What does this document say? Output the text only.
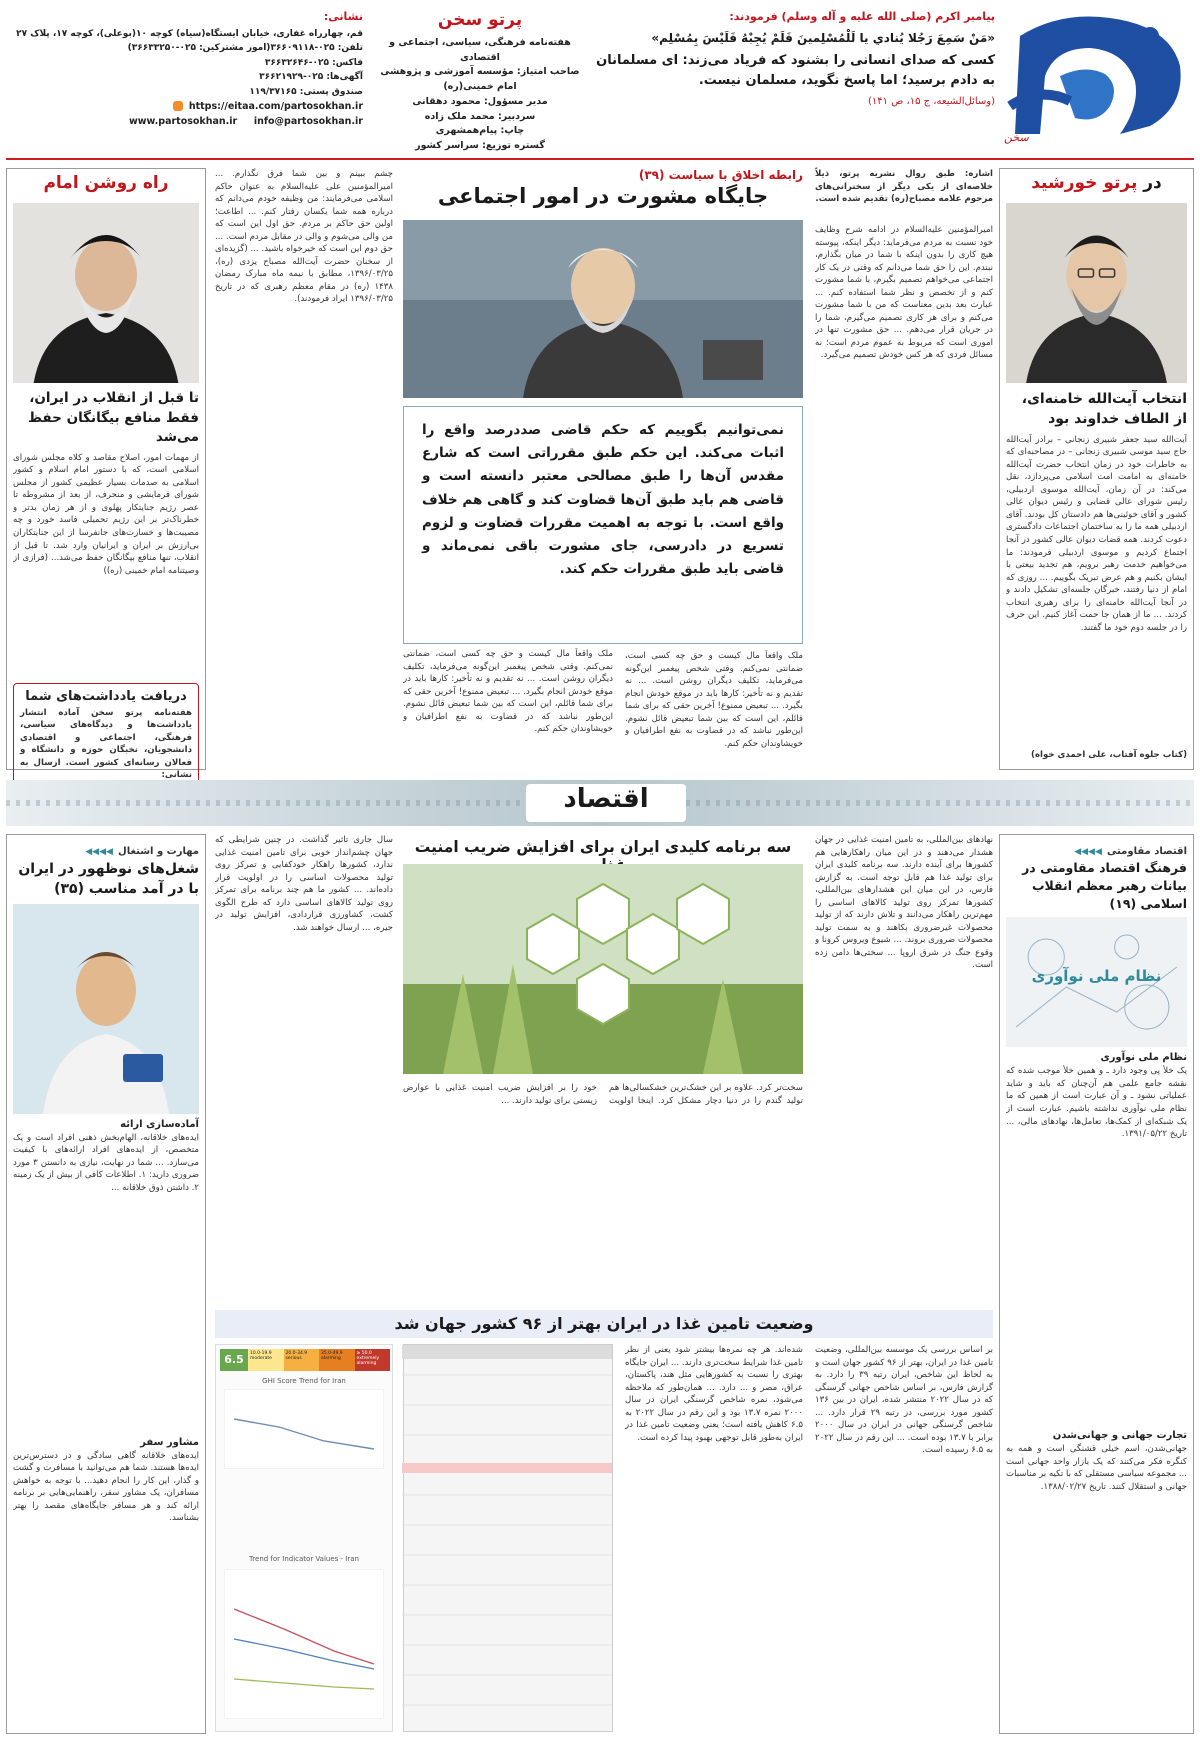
سخن
پیامبر اکرم (صلی الله علیه و آله وسلم) فرمودند:
«مَنْ سَمِعَ رَجُلا يُنادي يا لَلْمُسْلِمينَ فَلَمْ يُجِبْهُ فَلَيْسَ بِمُسْلِم»
کسی که صدای انسانی را بشنود که فریاد می‌زند: ای مسلمانان به دادم برسید؛ اما پاسخ نگوید، مسلمان نیست.
(وسائل‌الشیعه، ج ۱۵، ص ۱۴۱)
پرتو سخن
هفته‌نامه فرهنگی، سیاسی، اجتماعی و اقتصادی
صاحب امتیاز: مؤسسه آموزشی و پژوهشی امام خمینی(ره)
مدیر مسؤول: محمود دهقانی
سردبیر: محمد ملک زاده
چاپ: پیام‌همشهری
گستره توزیع: سراسر کشور
نشانی:
قم، چهارراه غفاری، خیابان ایستگاه(سیاه) کوچه ۱۰(بوعلی)، کوچه ۱۷، پلاک ۲۷
تلفن: ۰۲۵-۳۶۶۰۹۱۱۸(امور مشترکین: ۰۲۵-۳۶۶۳۳۲۵۰)
فاکس: ۰۲۵-۳۶۶۳۲۶۴۶
آگهی‌ها: ۰۲۵-۳۶۶۲۱۹۲۹
صندوق پستی: ۱۱۹/۳۷۱۶۵
https://eitaa.com/partosokhan.ir
www.partosokhan.ir info@partosokhan.ir
در پرتو خورشید
انتخاب آیت‌الله خامنه‌ای، از الطاف خداوند بود
آیت‌الله سید جعفر شبیری زنجانی – برادر آیت‌الله حاج سید موسی شبیری زنجانی – در مصاحبه‌ای که به خاطرات خود در زمان انتخاب حضرت آیت‌الله خامنه‌ای به امامت امت اسلامی می‌پردازد، نقل می‌کند: در آن زمان، آیت‌الله موسوی اردبیلی، رئیس شورای عالی قضایی و رئیس دیوان عالی کشور و آقای خوئینی‌ها هم دادستان کل بودند. آقای اردبیلی همه ما را به ساختمان اجتماعات دادگستری دعوت کردند. همه قضات دیوان عالی کشور در آنجا اجتماع کردیم و موسوی اردبیلی فرمودند: ما می‌خواهیم خدمت رهبر برویم، هم تجدید بیعتی با ایشان بکنیم و هم عرض تبریک بگوییم. ... روزی که امام از دنیا رفتند، خبرگان جلسه‌ای تشکیل دادند و در آنجا آیت‌الله خامنه‌ای را برای رهبری انتخاب کردند. ... ما از همان جا حمت آغاز کنیم. این حرف را در جلسه دوم خود ما گفتند.
(کتاب جلوه آفتاب، علی احمدی خواه)
رابطه اخلاق با سیاست (۳۹)
جایگاه مشورت در امور اجتماعی
اشاره: طبق روال نشریه پرتو، ذیلاً خلاصه‌ای از یکی دیگر از سخنرانی‌های مرحوم علامه مصباح(ره) تقدیم شده است.
امیرالمؤمنین علیه‌السلام در ادامه شرح وظایف خود نسبت به مردم می‌فرماید: دیگر اینکه، پیوسته هیچ کاری را بدون اینکه با شما در میان بگذارم، نبندم. این را حق شما می‌دانم که وقتی در یک کار اجتماعی می‌خواهم تصمیم بگیرم، با شما مشورت کنم و از تخصص و نظر شما استفاده کنم. ... عبارت بعد بدین معناست که من با شما مشورت می‌کنم و برای هر کاری تصمیم می‌گیرم، شما را در جریان قرار می‌دهم. ... حق مشورت تنها در اموری است که مربوط به عموم مردم است؛ نه مسائل فردی که هر کس خودش تصمیم می‌گیرد.
ملک واقعاً مال کیست و حق چه کسی است، ضمانتی نمی‌کنم. وقتی شخص پیغمبر این‌گونه می‌فرماید، تکلیف دیگران روشن است. ... نه تقدیم و نه تأخیر: کارها باید در موقع خودش انجام بگیرد. ... تبعیض ممنوع! آخرین حقی که برای شما قائلم، این است که بین شما تبعیض قائل نشوم. این‌طور نباشد که در قضاوت به نفع اطرافیان و خویشاوندان حکم کنم.
ملک واقعاً مال کیست و حق چه کسی است، ضمانتی نمی‌کنم. وقتی شخص پیغمبر این‌گونه می‌فرماید، تکلیف دیگران روشن است. ... نه تقدیم و نه تأخیر: کارها باید در موقع خودش انجام بگیرد. ... تبعیض ممنوع! آخرین حقی که برای شما قائلم، این است که بین شما تبعیض قائل نشوم. این‌طور نباشد که در قضاوت به نفع اطرافیان و خویشاوندان حکم کنم.
نمی‌توانیم بگوییم که حکم قاضی صددرصد واقع را اثبات می‌کند. این حکم طبق مقرراتی است که شارع مقدس آن‌ها را طبق مصالحی معتبر دانسته است و قاضی هم باید طبق آن‌ها قضاوت کند و گاهی هم خلاف واقع است. با توجه به اهمیت مقررات قضاوت و لزوم تسریع در دادرسی، جای مشورت باقی نمی‌ماند و قاضی باید طبق مقررات حکم کند.
چشم ببینم و بین شما فرق نگذارم. ... امیرالمؤمنین علی علیه‌السلام به عنوان حاکم اسلامی می‌فرمایند: من وظیفه خودم می‌دانم که درباره همه شما یکسان رفتار کنم. ... اطاعت؛ اولین حق حاکم بر مردم. حق اول این است که من والی می‌شوم و والی در مقابل مردم است. ... حق دوم این است که خیرخواه باشید. ... (گزیده‌ای از سخنان حضرت آیت‌الله مصباح یزدی (ره)، ۱۳۹۶/۰۳/۲۵، مطابق با نیمه ماه مبارک رمضان ۱۴۳۸ (ره) در مقام معظم رهبری که در تاریخ ۱۳۹۶/۰۳/۲۵ ایراد فرمودند).
راه روشن امام
تا قبل از انقلاب در ایران، فقط منافع بیگانگان حفظ می‌شد
از مهمات امور، اصلاح مقاصد و کلاه مجلس شورای اسلامی است، که با دستور امام اسلام و کشور اسلامی به صدمات بسیار عظیمی کشور از مجلس شورای فرمایشی و منحرف، از بعد از مشروطه تا عصر رژیم جنایتکار پهلوی و از هر زمان بدتر و خطرناک‌تر بر این رژیم تحمیلی فاسد خورد و چه مصیبت‌ها و خسارت‌های جانفرسا از این جنایتکاران بی‌ارزش بر ایران و ایرانیان وارد شد. تا قبل از انقلاب، تنها منافع بیگانگان حفظ می‌شد... (فرازی از وصیتنامه امام خمینی (ره))
دریافت یادداشت‌های شما
هفته‌نامه پرتو سخن آماده انتشار یادداشت‌ها و دیدگاه‌های سیاسی، فرهنگی، اجتماعی و اقتصادی دانشجویان، نخبگان حوزه و دانشگاه و فعالان رسانه‌ای کشور است. ارسال به نشانی:
اقتصاد
اقتصاد مقاومتی ◀◀◀◀
فرهنگ اقتصاد مقاومتی در بیانات رهبر معظم انقلاب اسلامی (۱۹)
نظام ملی نوآوری
نظام ملی نوآوری
یک خلأ پی وجود دارد ـ و همین خلأ موجب شده که نقشه جامع علمی هم آن‌چنان که باید و شاید عملیاتی نشود ـ و آن عبارت است از همین که ما نظام ملی نوآوری نداشته باشیم. عبارت است از یک شبکه‌ای از کمک‌ها، تعامل‌ها، نهادهای مالی، ... تاریخ ۱۳۹۱/۰۵/۲۲.
تجارت جهانی و جهانی‌شدن
جهانی‌شدن، اسم خیلی قشنگی است و همه به کنگره فکر می‌کنند که یک بازار واحد جهانی است ... مجموعه سیاسی مستقلی که با تکیه بر مناسبات جهانی و استقلال کنند. تاریخ ۱۳۸۸/۰۲/۲۷.
سه برنامه کلیدی ایران برای افزایش ضریب امنیت	نهادهای بین‌المللی، به تامین امنیت غذایی در جهان هشدار می‌دهند و در این میان راهکارهایی هم کشورها برای آینده دارند. سه برنامه کلیدی ایران برای تولید غذا هم قابل توجه است. به گزارش فارس، در این میان این هشدارهای بین‌المللی، کشورها تمرکز روی تولید کالاهای اساسی را مهم‌ترین راهکار می‌دانند و تلاش دارند که از تولید محصولات غیرضروری بکاهند و به سمت تولید محصولات ضروری بروند. ... شیوع ویروس کرونا و وقوع جنگ در شرق اروپا ... سختی‌ها دامن زده است.
سخت‌تر کرد. علاوه بر این خشک‌ترین خشکسالی‌ها هم تولید گندم را در دنیا دچار مشکل کرد. اینجا اولویت خود را بر افزایش ضریب امنیت غذایی با عوارض زیستی برای تولید دارند. ...
سال جاری تاثیر گذاشت. در چنین شرایطی که جهان چشم‌انداز خوبی برای تامین امنیت غذایی ندارد، کشورها راهکار خودکفایی و تمرکز روی تولید محصولات اساسی را در اولویت قرار داده‌اند. ... کشور ما هم چند برنامه برای تمرکز روی تولید کالاهای اساسی دارد که طرح الگوی کشت، کشاورزی قراردادی، افزایش تولید در جیره، ... ارسال خواهند شد.
وضعیت تامین غذا در ایران بهتر از ۹۶ کشور جهان شد
بر اساس بررسی یک موسسه بین‌المللی، وضعیت تامین غذا در ایران، بهتر از ۹۶ کشور جهان است و به لحاظ این شاخص، ایران رتبه ۳۹ را دارد. به گزارش فارس، بر اساس شاخص جهانی گرسنگی که در سال ۲۰۲۲ منتشر شده، ایران در بین ۱۳۶ کشور مورد بررسی، در رتبه ۲۹ قرار دارد. ... شاخص گرسنگی جهانی در ایران در سال ۲۰۰۰ برابر با ۱۳.۷ بوده است. ... این رقم در سال ۲۰۲۲ به ۶.۵ رسیده است.
شده‌اند. هر چه نمره‌ها بیشتر شود یعنی از نظر تامین غذا شرایط سخت‌تری دارند. ... ایران جایگاه بهتری را نسبت به کشورهایی مثل هند، پاکستان، عراق، مصر و ... دارد. ... همان‌طور که ملاحظه می‌شود، نمره شاخص گرسنگی ایران در سال ۲۰۰۰ نمره ۱۳.۷ بود و این رقم در سال ۲۰۲۲ به ۶.۵ کاهش یافته است؛ یعنی وضعیت تامین غذا در ایران به‌طور قابل توجهی بهبود پیدا کرده است.
6.5	10.0-19.9 moderate
20.0-34.9 serious
35.0-49.9 alarming
≥ 50.0 extremely alarming
GHI Score Trend for Iran
Trend for Indicator Values - Iran
مهارت و اشتغال ◀◀◀◀
شغل‌های نوظهور در ایران با در آمد مناسب (۳۵)
آماده‌سازی ارائه
ایده‌های خلاقانه، الهام‌بخش ذهنی افراد است و یک متخصص، از ایده‌های افراد ارائه‌های با کیفیت می‌سازد. ... شما در نهایت، نیازی به دانستن ۳ مورد ضروری دارید: ۱. اطلاعات کافی از بیش از یک زمینه ۲. داشتن ذوق خلاقانه ...
مشاور سفر
ایده‌های خلاقانه گاهی سادگی و در دسترس‌ترین ایده‌ها هستند. شما هم می‌توانید با مسافرت و گشت و گذار، این کار را انجام دهید... با توجه به خواهش مسافران، یک مشاور سفر، راهنمایی‌هایی بر برنامه ارائه کند و هر مسافر جایگاه‌های مقصد را بهتر بشناسد.
